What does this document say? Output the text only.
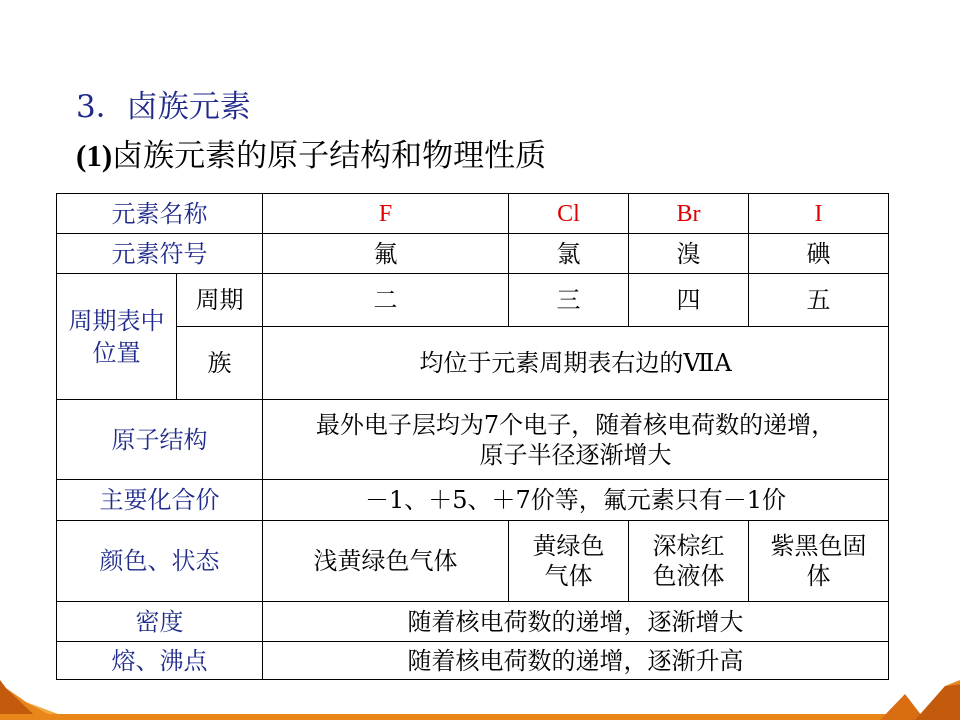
3．卤族元素
(1)卤族元素的原子结构和物理性质
元素名称		F	Cl	Br	I
元素符号		氟	氯	溴	碘
周期表中位置	周期	二	三	四	五
	族	均位于元素周期表右边的ⅦA			
原子结构		最外电子层均为7个电子，随着核电荷数的递增，
原子半径逐渐增大			

主要化合价		－1、＋5、＋7价等，氟元素只有－1价			
颜色、状态		浅黄绿色气体	黄绿色气体	深棕红色液体	紫黑色固体
密度		随着核电荷数的递增，逐渐增大			
熔、沸点		随着核电荷数的递增，逐渐升高			
